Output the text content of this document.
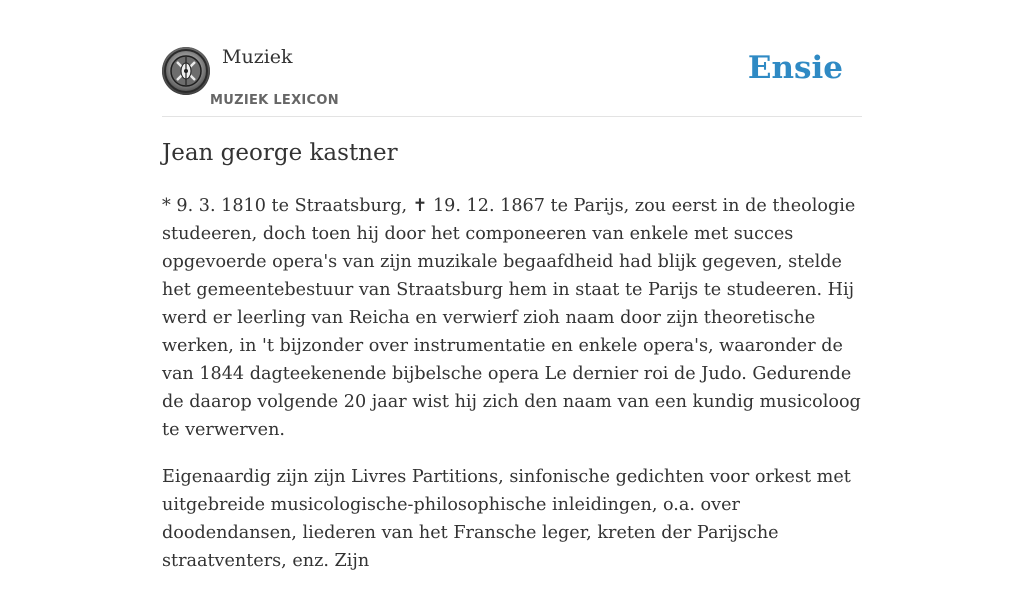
Muziek
MUZIEK LEXICON
Ensie
Jean george kastner

* 9. 3. 1810 te Straatsburg, ✝ 19. 12. 1867 te Parijs, zou eerst in de theologie studeeren, doch toen hij door het componeeren van enkele met succes opgevoerde opera's van zijn muzikale begaafdheid had blijk gegeven, stelde het gemeentebestuur van Straatsburg hem in staat te Parijs te studeeren. Hij werd er leerling van Reicha en verwierf zioh naam door zijn theoretische werken, in 't bijzonder over instrumentatie en enkele opera's, waaronder de van 1844 dagteekenende bijbelsche opera Le dernier roi de Judo. Gedurende de daarop volgende 20 jaar wist hij zich den naam van een kundig musicoloog te verwerven.

Eigenaardig zijn zijn Livres Partitions, sinfonische gedichten voor orkest met uitgebreide musicologische-philosophische inleidingen, o.a. over doodendansen, liederen van het Fransche leger, kreten der Parijsche straatventers, enz. Zijn
